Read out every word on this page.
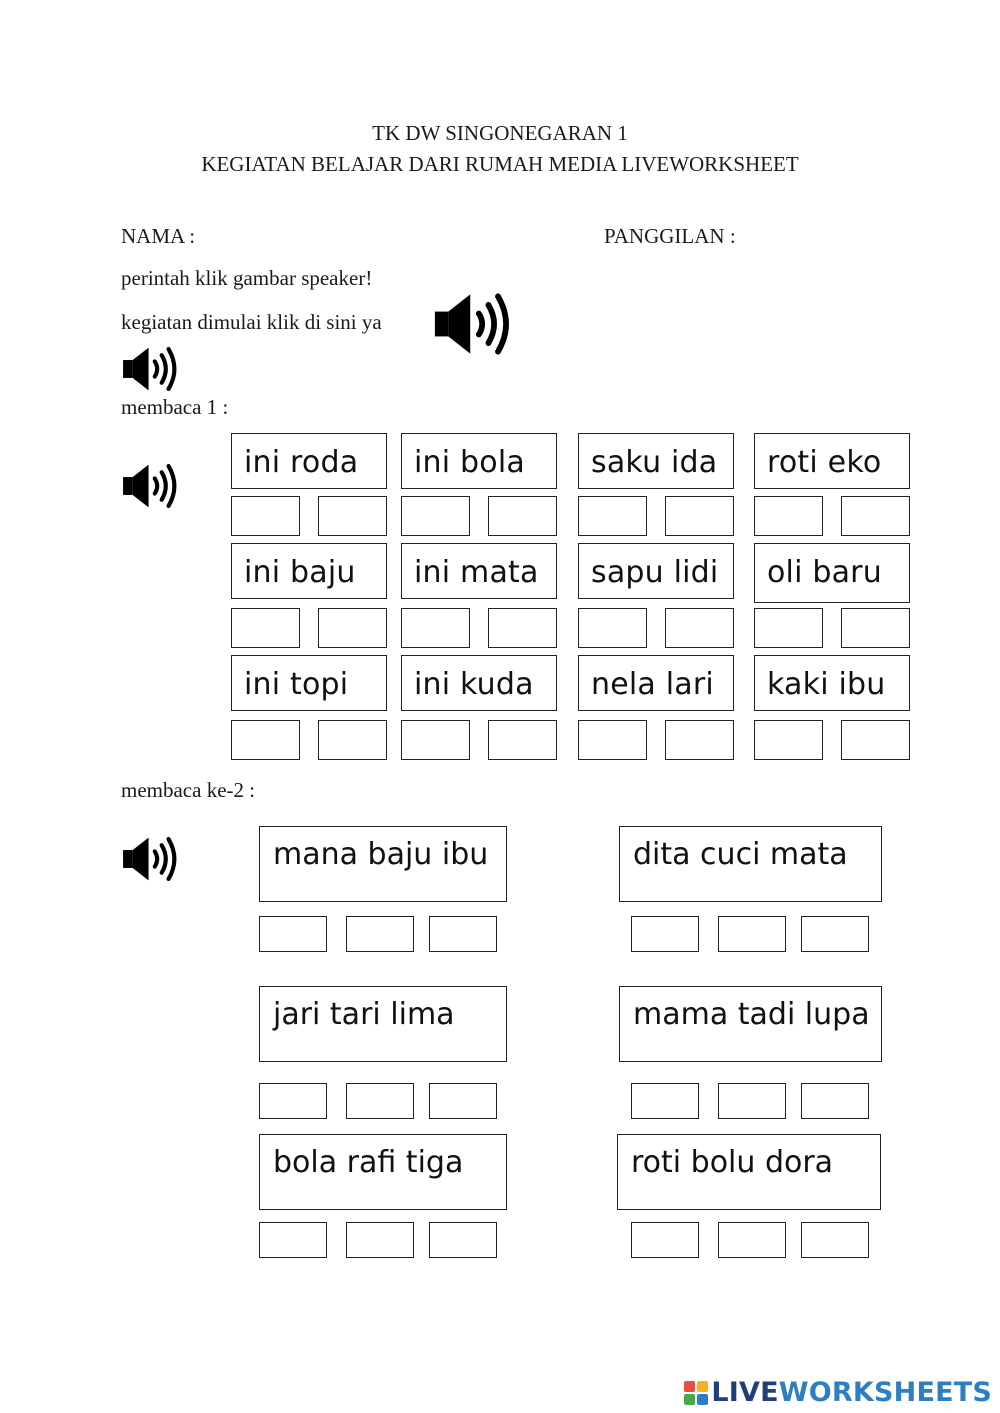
TK DW SINGONEGARAN 1
KEGIATAN BELAJAR DARI RUMAH MEDIA LIVEWORKSHEET
NAMA :	PANGGILAN :
perintah klik gambar speaker!
kegiatan dimulai klik di sini ya
membaca 1 :
ini roda	ini bola	saku ida	roti eko
ini baju	ini mata	sapu lidi	oli baru
ini topi	ini kuda	nela lari	kaki ibu
membaca ke-2 :
mana baju ibu	dita cuci mata
jari tari lima	mama tadi lupa
bola rafi tiga	roti bolu dora
LIVEWORKSHEETS
